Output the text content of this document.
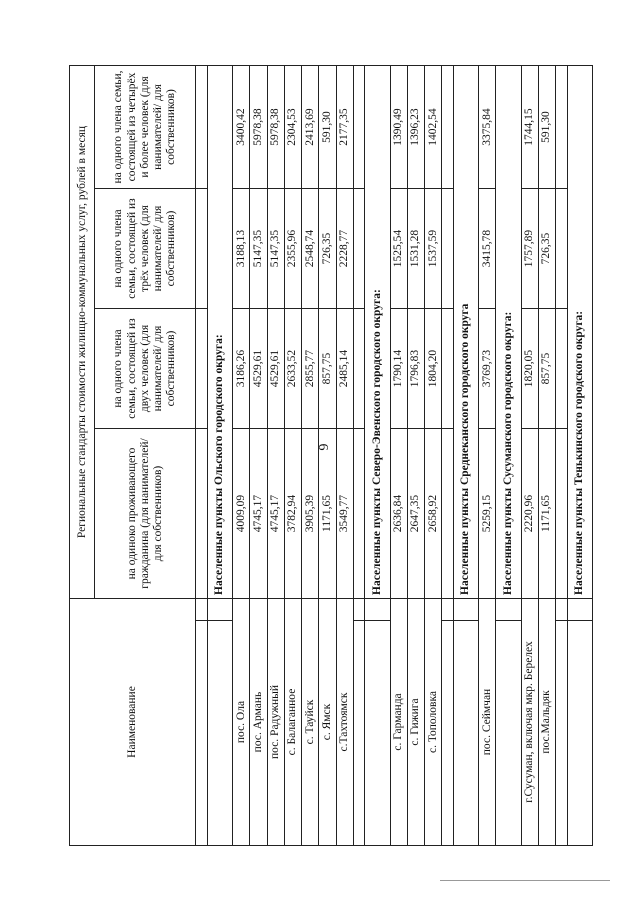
6
Наименование		Региональные стандарты стоимости жилищно-коммунальных услуг, рублей в месяц			
		на одиноко проживающего гражданина (для нанимателей/ для собственников)	на одного члена семьи, состоящей из двух человек (для нанимателей/ для собственников)	на одного члена семьи, состоящей из трёх человек (для нанимателей/ для собственников)	на одного члена семьи, состоящей из четырёх и более человек (для нанимателей/ для собственников)

		Населенные пункты Ольского городского округа:			
пос. Ола		4009,09	3186,26	3188,13	3400,42
пос. Армань		4745,17	4529,61	5147,35	5978,38
пос. Радужный		4745,17	4529,61	5147,35	5978,38
с. Балаганное		3782,94	2633,52	2355,96	2304,53
с. Тауйск		3905,39	2855,77	2548,74	2413,69
с. Ямск		1171,65	857,75	726,35	591,30
с.Тахтоямск		3549,77	2485,14	2228,77	2177,35

		Населенные пункты Северо-Эвенского городского округа:			
с. Гарманда		2636,84	1790,14	1525,54	1390,49
с. Гижига		2647,35	1796,83	1531,28	1396,23
с. Тополовка		2658,92	1804,20	1537,59	1402,54

		Населенные пункты Среднеканского городского округа			
пос. Сеймчан		5259,15	3769,73	3415,78	3375,84
		Населенные пункты Сусуманского городского округа:			
г.Сусуман, включая мкр. Берелех		2220,96	1820,05	1757,89	1744,15
пос.Мальдяк		1171,65	857,75	726,35	591,30

		Населенные пункты Тенькинского городского округа:			
